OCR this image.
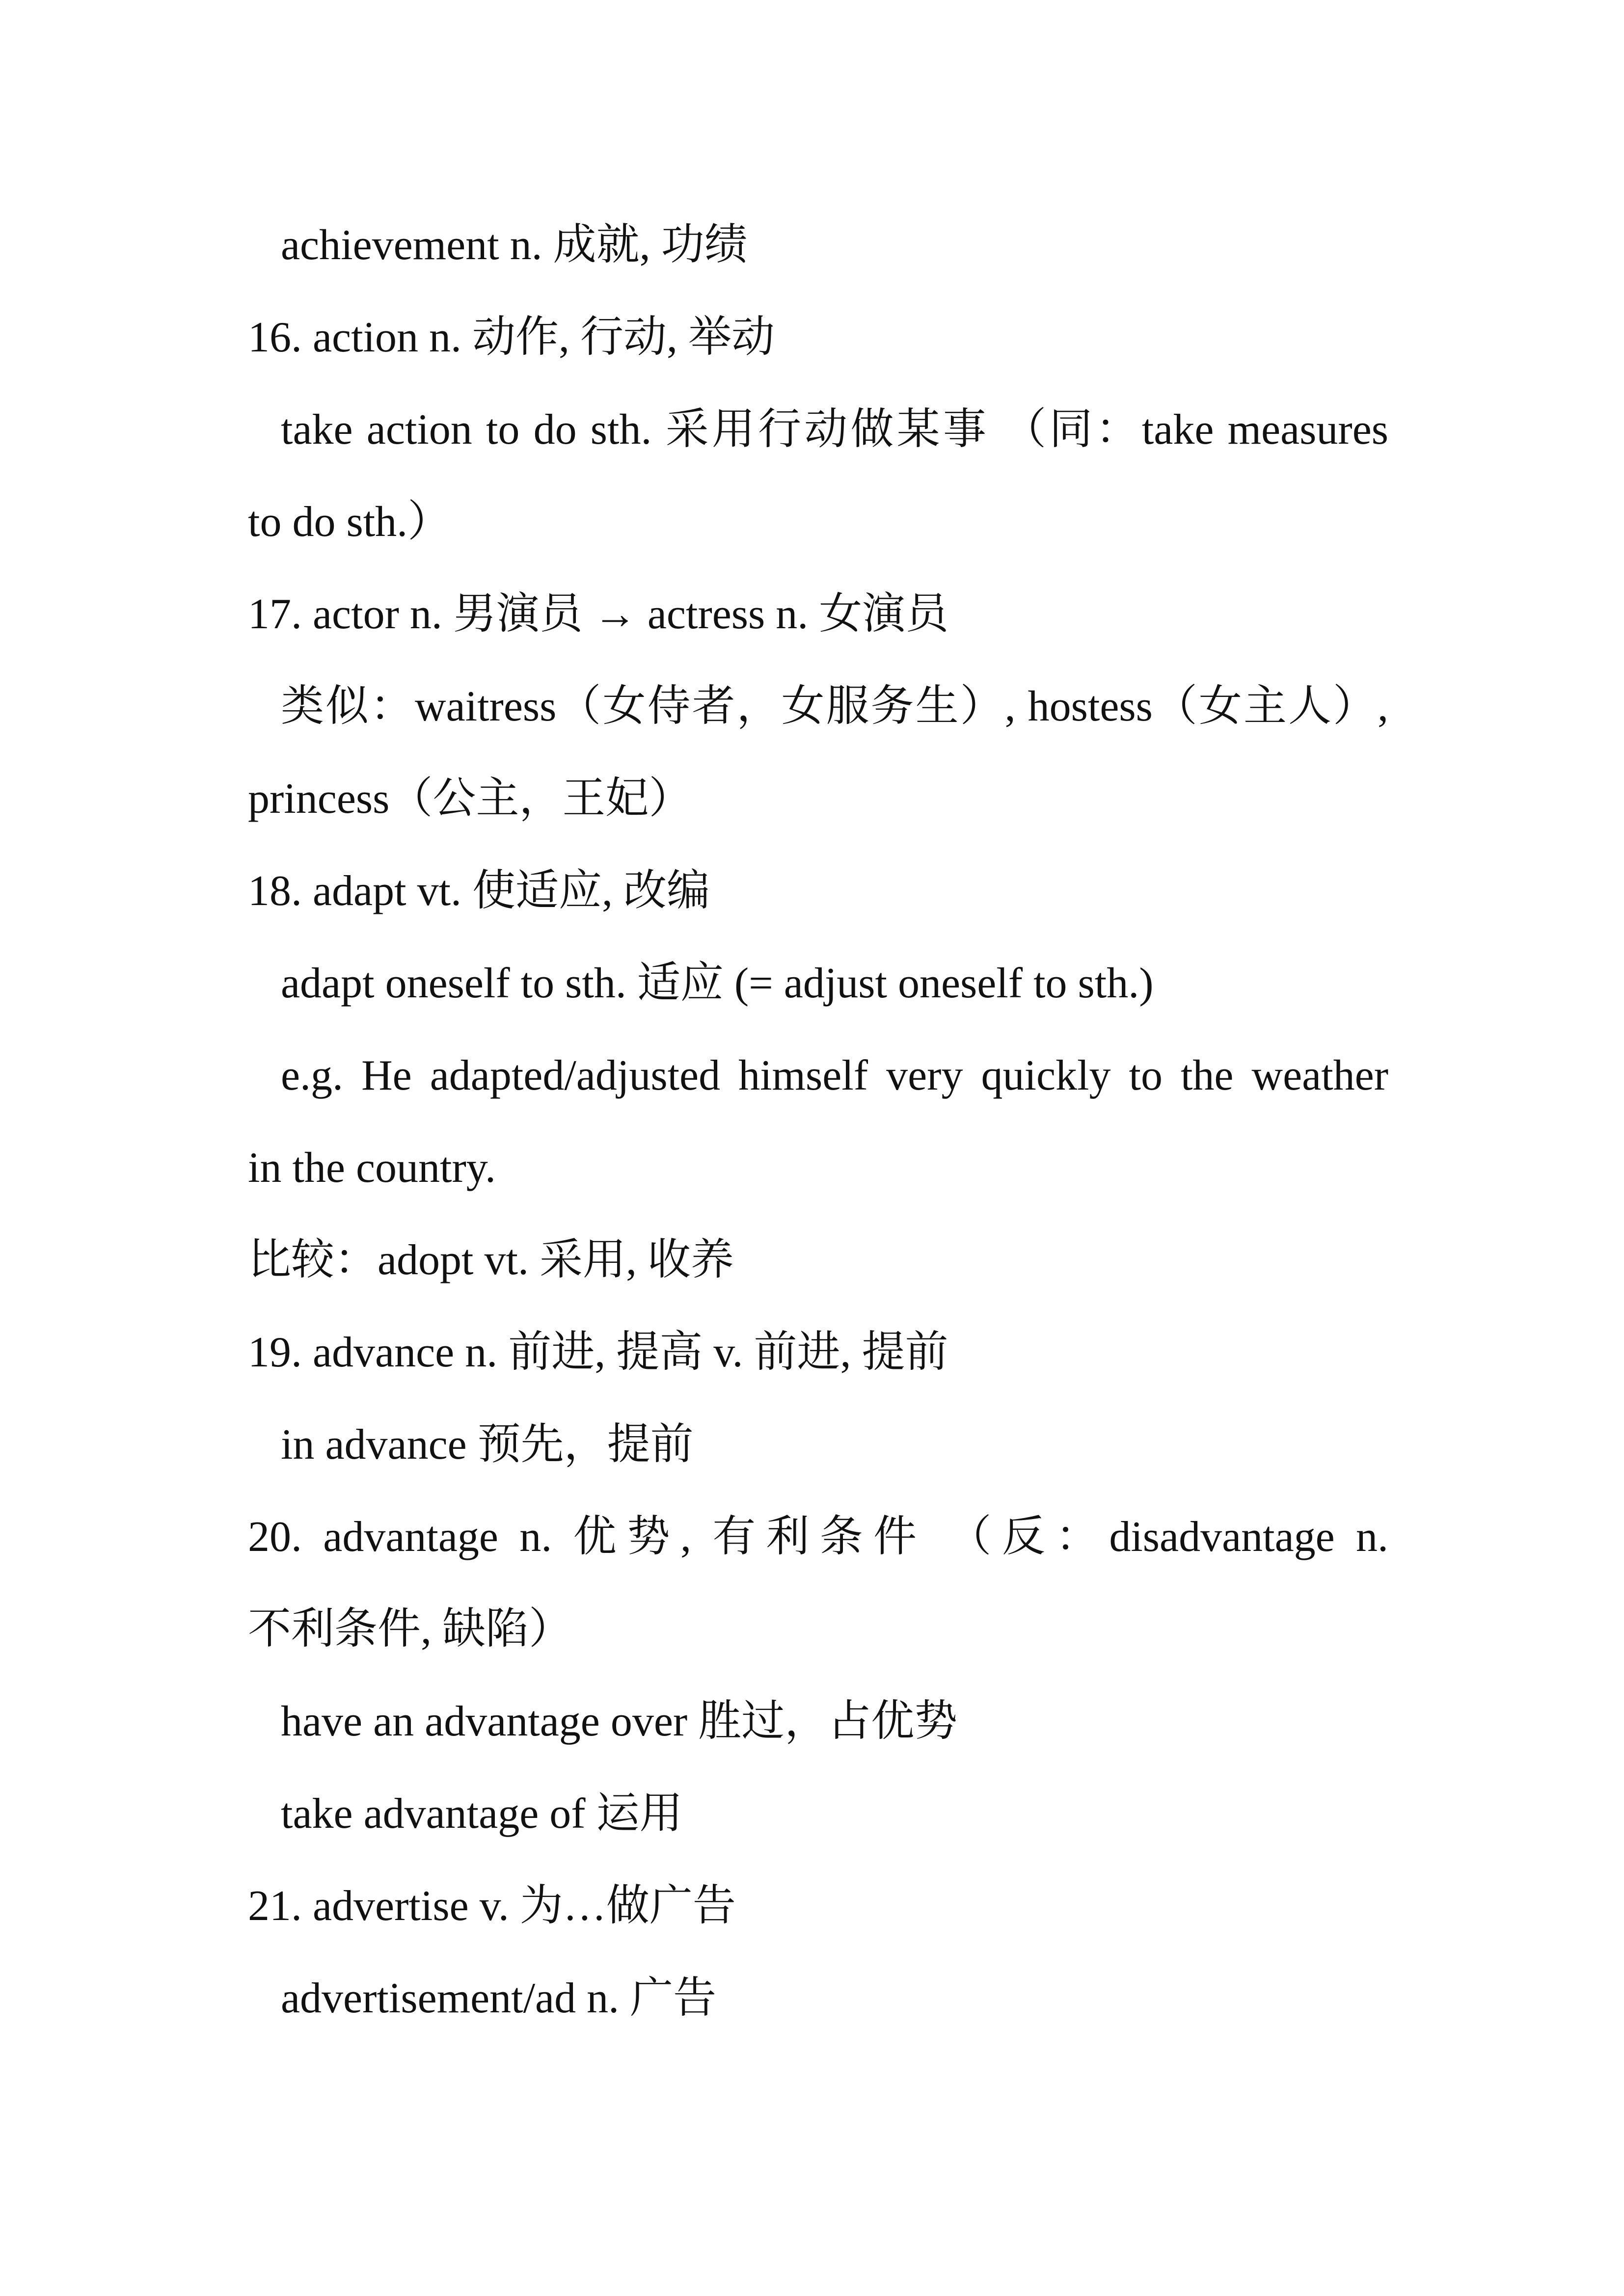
achievement n. 成就, 功绩
16. action n. 动作, 行动, 举动
take action to do sth. 采用行动做某事 （同：take measures
to do sth.）
17. actor n. 男演员 → actress n. 女演员
类似：waitress（女侍者，女服务生）, hostess（女主人）,
princess（公主，王妃）
18. adapt vt. 使适应, 改编
adapt oneself to sth. 适应 (= adjust oneself to sth.)
e.g. He adapted/adjusted himself very quickly to the weather
in the country.
比较：adopt vt. 采用, 收养
19. advance n. 前进, 提高 v. 前进, 提前
in advance 预先，提前
20. advantage n. 优势, 有利条件 （反：disadvantage n.
不利条件, 缺陷）
have an advantage over 胜过，占优势
take advantage of 运用
21. advertise v. 为…做广告
advertisement/ad n. 广告
